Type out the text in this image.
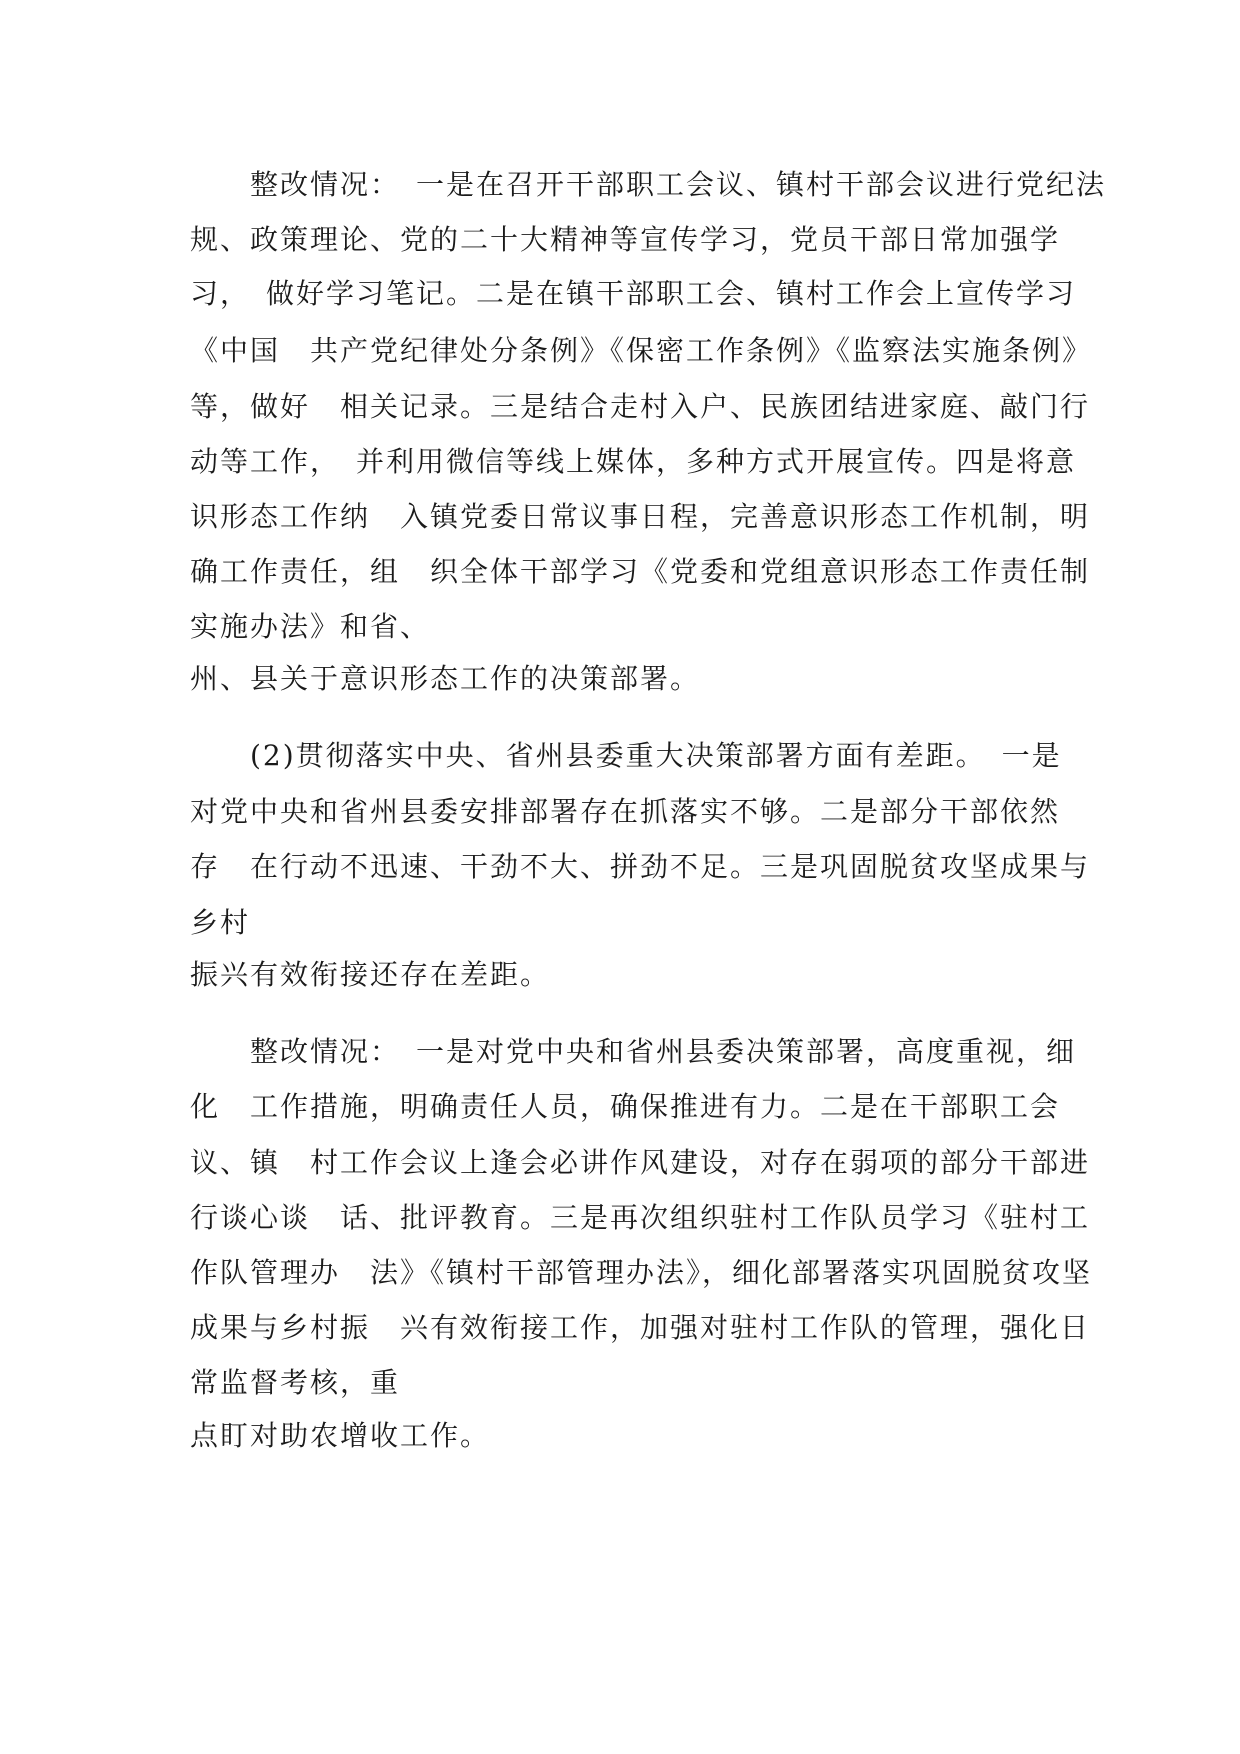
　　整改情况：　一是在召开干部职工会议、镇村干部会议进行党纪法
规、政策理论、党的二十大精神等宣传学习，党员干部日常加强学
习，　做好学习笔记。二是在镇干部职工会、镇村工作会上宣传学习
《中国　共产党纪律处分条例》《保密工作条例》《监察法实施条例》
等，做好　相关记录。三是结合走村入户、民族团结进家庭、敲门行
动等工作，　并利用微信等线上媒体，多种方式开展宣传。四是将意
识形态工作纳　入镇党委日常议事日程，完善意识形态工作机制，明
确工作责任，组　织全体干部学习《党委和党组意识形态工作责任制
实施办法》和省、
州、县关于意识形态工作的决策部署。
　　(2)贯彻落实中央、省州县委重大决策部署方面有差距。　一是
对党中央和省州县委安排部署存在抓落实不够。二是部分干部依然
存　在行动不迅速、干劲不大、拼劲不足。三是巩固脱贫攻坚成果与
乡村
振兴有效衔接还存在差距。
　　整改情况：　一是对党中央和省州县委决策部署，高度重视，细
化　工作措施，明确责任人员，确保推进有力。二是在干部职工会
议、镇　村工作会议上逢会必讲作风建设，对存在弱项的部分干部进
行谈心谈　话、批评教育。三是再次组织驻村工作队员学习《驻村工
作队管理办　法》《镇村干部管理办法》，细化部署落实巩固脱贫攻坚
成果与乡村振　兴有效衔接工作，加强对驻村工作队的管理，强化日
常监督考核，重
点盯对助农增收工作。
